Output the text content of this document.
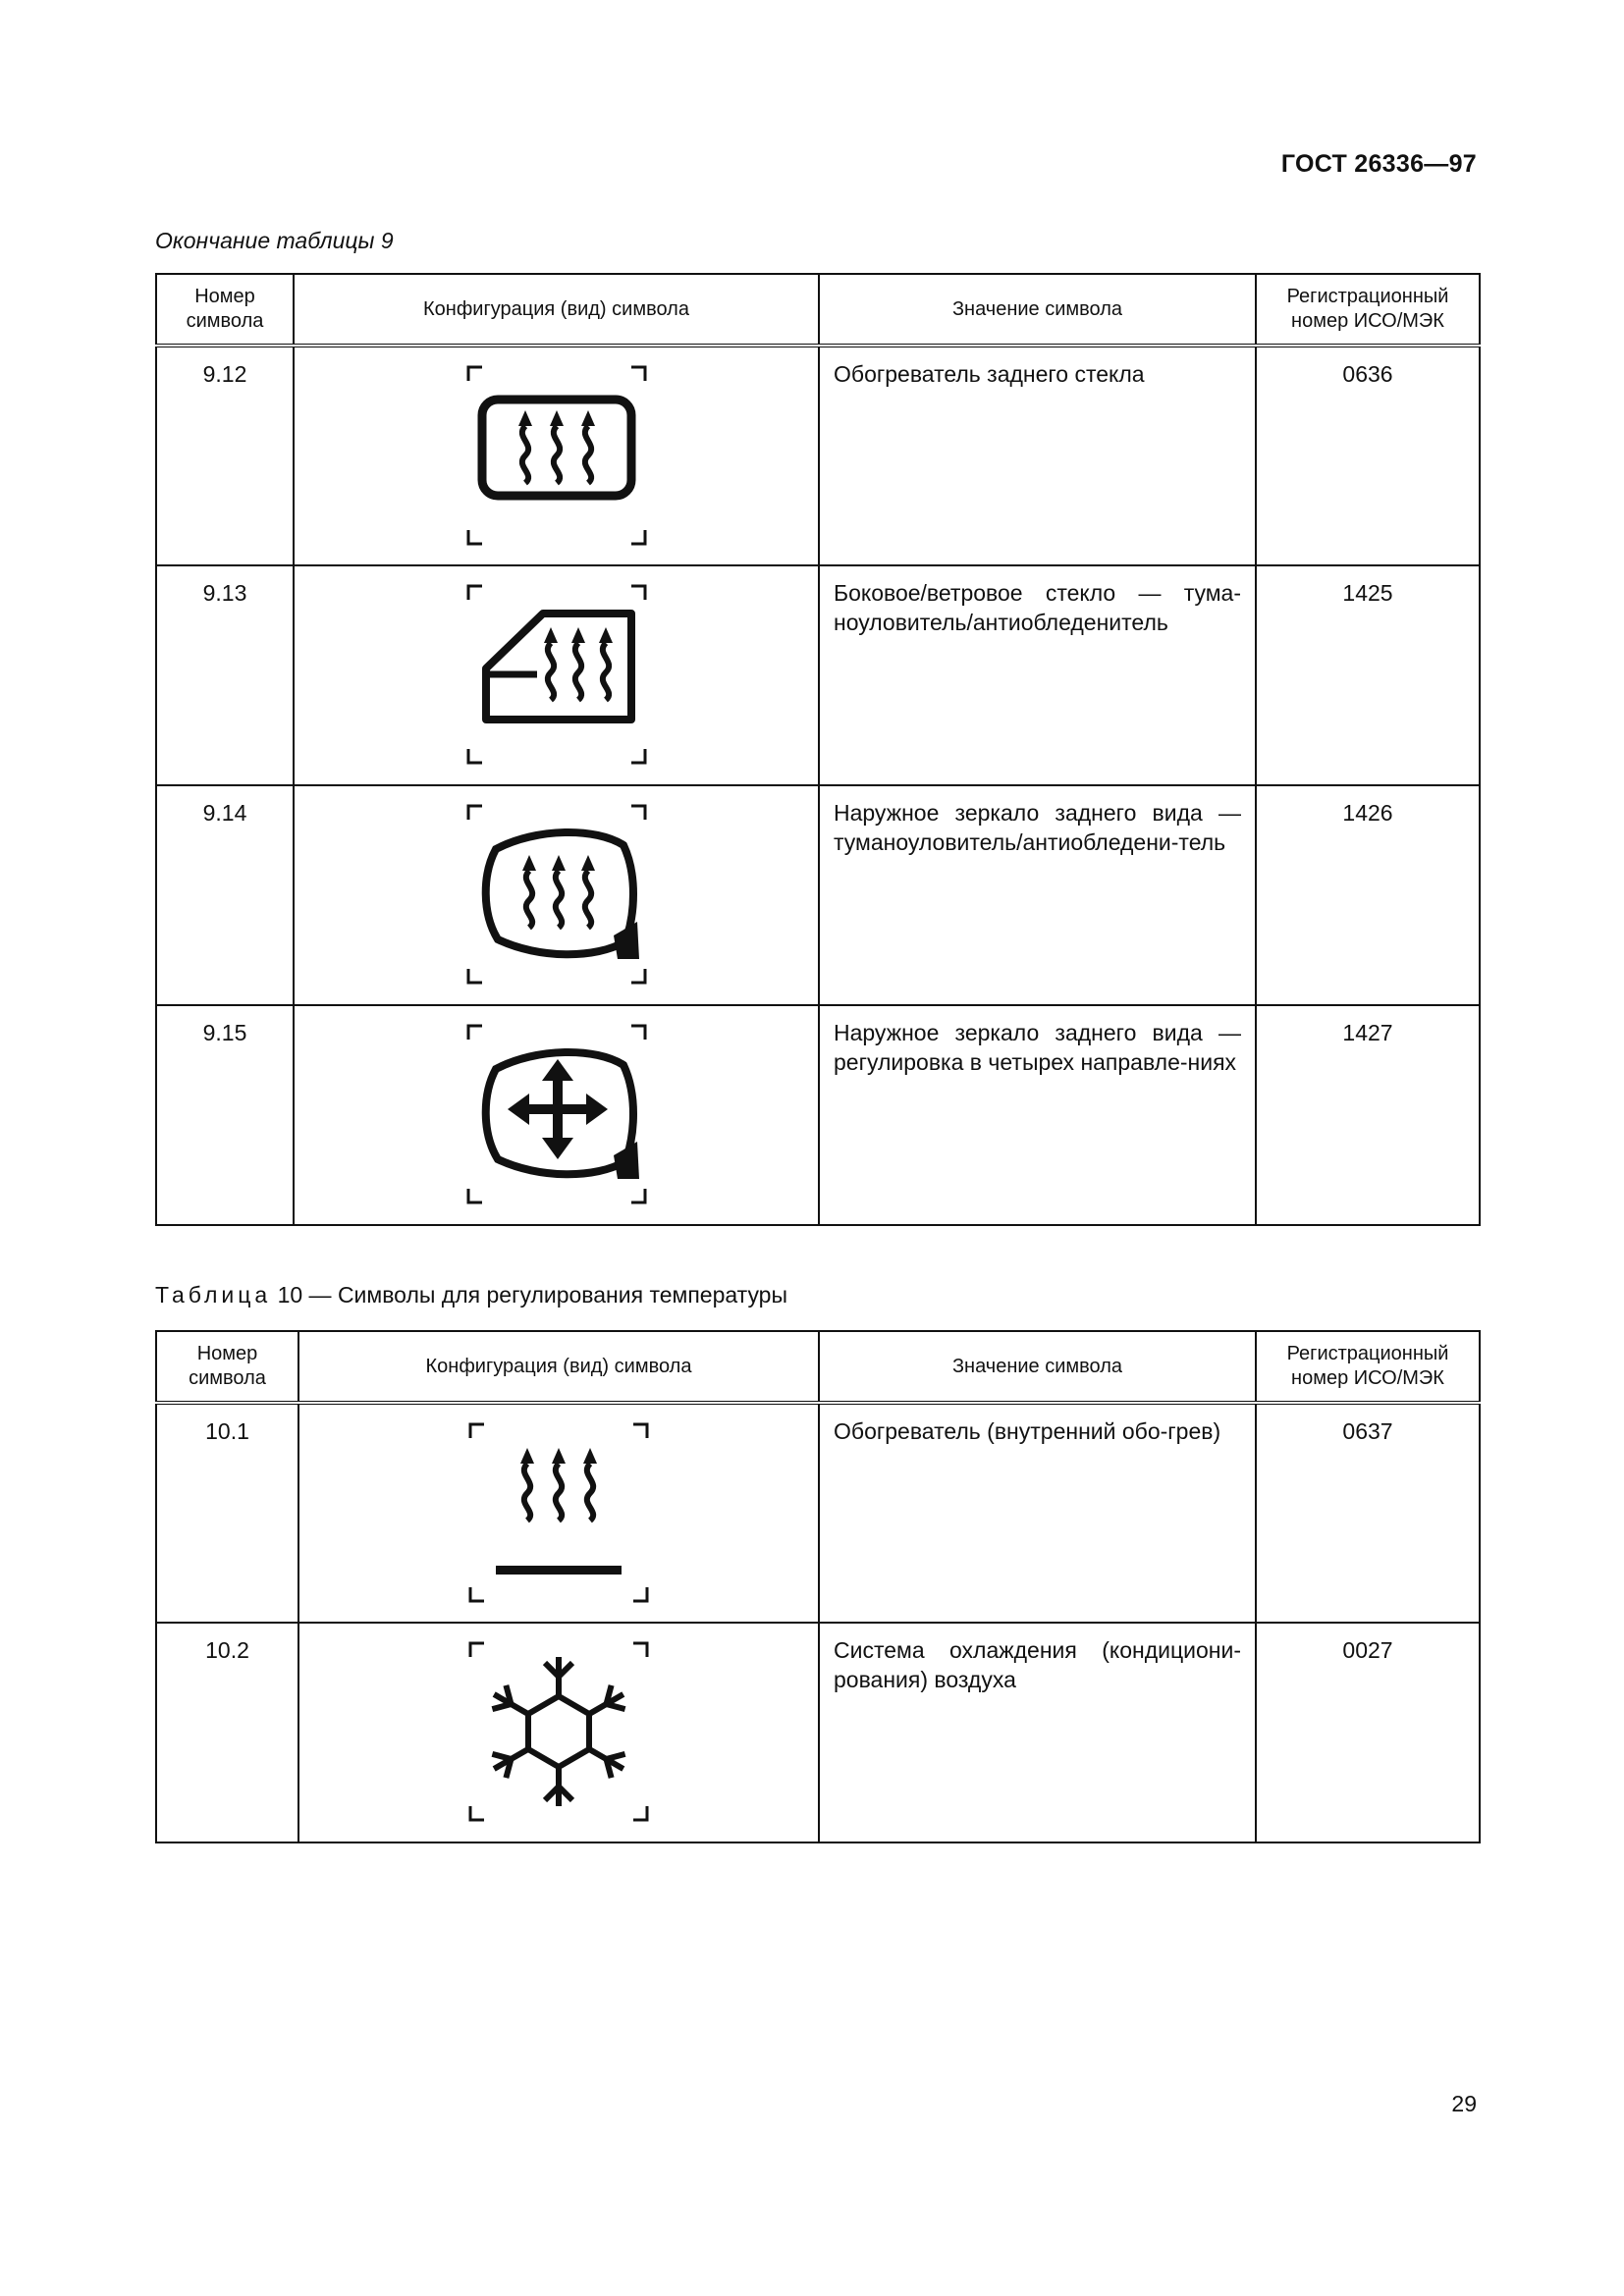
ГОСТ 26336—97
Окончание таблицы 9
Номер символа	Конфигурация (вид) символа	Значение символа	Регистрационный номер ИСО/МЭК
9.12		Обогреватель заднего стекла	0636
9.13		Боковое/ветровое стекло — тума-ноуловитель/антиобледенитель	1425
9.14		Наружное зеркало заднего вида — туманоуловитель/антиобледени-тель	1426
9.15		Наружное зеркало заднего вида — регулировка в четырех направле-ниях	1427
Таблица 10 — Символы для регулирования температуры
Номер символа	Конфигурация (вид) символа	Значение символа	Регистрационный номер ИСО/МЭК
10.1		Обогреватель (внутренний обо-грев)	0637
10.2		Система охлаждения (кондициони-рования) воздуха	0027
29
